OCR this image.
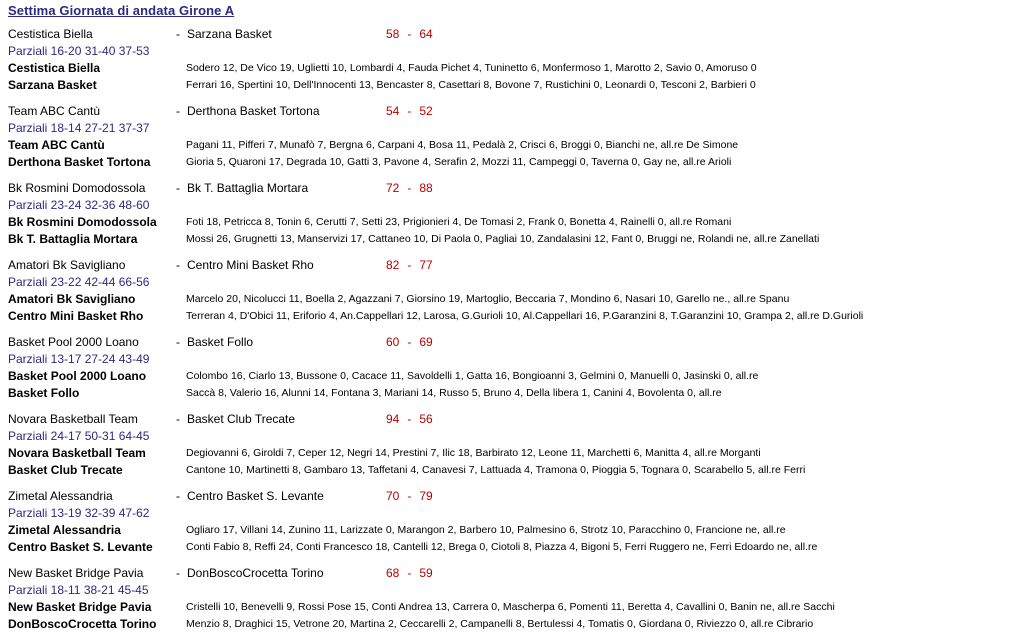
Settima Giornata di andata Girone A
Cestistica Biella	- Sarzana Basket	58 - 64
Parziali 16-20 31-40 37-53
Cestistica Biella	Sodero 12, De Vico 19, Uglietti 10, Lombardi 4, Fauda Pichet 4, Tuninetto 6, Monfermoso 1, Marotto 2, Savio 0, Amoruso 0
Sarzana Basket	Ferrari 16, Spertini 10, Dell'Innocenti 13, Bencaster 8, Casettari 8, Bovone 7, Rustichini 0, Leonardi 0, Tesconi 2, Barbieri 0
Team ABC Cantù	- Derthona Basket Tortona	54 - 52
Parziali 18-14 27-21 37-37
Team ABC Cantù	Pagani 11, Pifferi 7, Munafò 7, Bergna 6, Carpani 4, Bosa 11, Pedalà 2, Crisci 6, Broggi 0, Bianchi ne, all.re De Simone
Derthona Basket Tortona	Gioria 5, Quaroni 17, Degrada 10, Gatti 3, Pavone 4, Serafin 2, Mozzi 11, Campeggi 0, Taverna 0, Gay ne, all.re Arioli
Bk Rosmini Domodossola	- Bk T. Battaglia Mortara	72 - 88
Parziali 23-24 32-36 48-60
Bk Rosmini Domodossola	Foti 18, Petricca 8, Tonin 6, Cerutti 7, Setti 23, Prigionieri 4, De Tomasi 2, Frank 0, Bonetta 4, Rainelli 0, all.re Romani
Bk T. Battaglia Mortara	Mossi 26, Grugnetti 13, Manservizi 17, Cattaneo 10, Di Paola 0, Pagliai 10, Zandalasini 12, Fant 0, Bruggi ne, Rolandi ne, all.re Zanellati
Amatori Bk Savigliano	- Centro Mini Basket Rho	82 - 77
Parziali 23-22 42-44 66-56
Amatori Bk Savigliano	Marcelo 20, Nicolucci 11, Boella 2, Agazzani 7, Giorsino 19, Martoglio, Beccaria 7, Mondino 6, Nasari 10, Garello ne., all.re Spanu
Centro Mini Basket Rho	Terreran 4, D'Obici 11, Eriforio 4, An.Cappellari 12, Larosa, G.Gurioli 10, Al.Cappellari 16, P.Garanzini 8, T.Garanzini 10, Grampa 2, all.re D.Gurioli
Basket Pool 2000 Loano	- Basket Follo	60 - 69
Parziali 13-17 27-24 43-49
Basket Pool 2000 Loano	Colombo 16, Ciarlo 13, Bussone 0, Cacace 11, Savoldelli 1, Gatta 16, Bongioanni 3, Gelmini 0, Manuelli 0, Jasinski 0, all.re
Basket Follo	Saccà 8, Valerio 16, Alunni 14, Fontana 3, Mariani 14, Russo 5, Bruno 4, Della libera 1, Canini 4, Bovolenta 0, all.re
Novara Basketball Team	- Basket Club Trecate	94 - 56
Parziali 24-17 50-31 64-45
Novara Basketball Team	Degiovanni 6, Giroldi 7, Ceper 12, Negri 14, Prestini 7, Ilic 18, Barbirato 12, Leone 11, Marchetti 6, Manitta 4, all.re Morganti
Basket Club Trecate	Cantone 10, Martinetti 8, Gambaro 13, Taffetani 4, Canavesi 7, Lattuada 4, Tramona 0, Pioggia 5, Tognara 0, Scarabello 5, all.re Ferri
Zimetal Alessandria	- Centro Basket S. Levante	70 - 79
Parziali 13-19 32-39 47-62
Zimetal Alessandria	Ogliaro 17, Villani 14, Zunino 11, Larizzate 0, Marangon 2, Barbero 10, Palmesino 6, Strotz 10, Paracchino 0, Francione ne, all.re
Centro Basket S. Levante	Conti Fabio 8, Reffi 24, Conti Francesco 18, Cantelli 12, Brega 0, Ciotoli 8, Piazza 4, Bigoni 5, Ferri Ruggero ne, Ferri Edoardo ne, all.re
New Basket Bridge Pavia	- DonBoscoCrocetta Torino	68 - 59
Parziali 18-11 38-21 45-45
New Basket Bridge Pavia	Cristelli 10, Benevelli 9, Rossi Pose 15, Conti Andrea 13, Carrera 0, Mascherpa 6, Pomenti 11, Beretta 4, Cavallini 0, Banin ne, all.re Sacchi
DonBoscoCrocetta Torino	Menzio 8, Draghici 15, Vetrone 20, Martina 2, Ceccarelli 2, Campanelli 8, Bertulessi 4, Tomatis 0, Giordana 0, Riviezzo 0, all.re Cibrario
